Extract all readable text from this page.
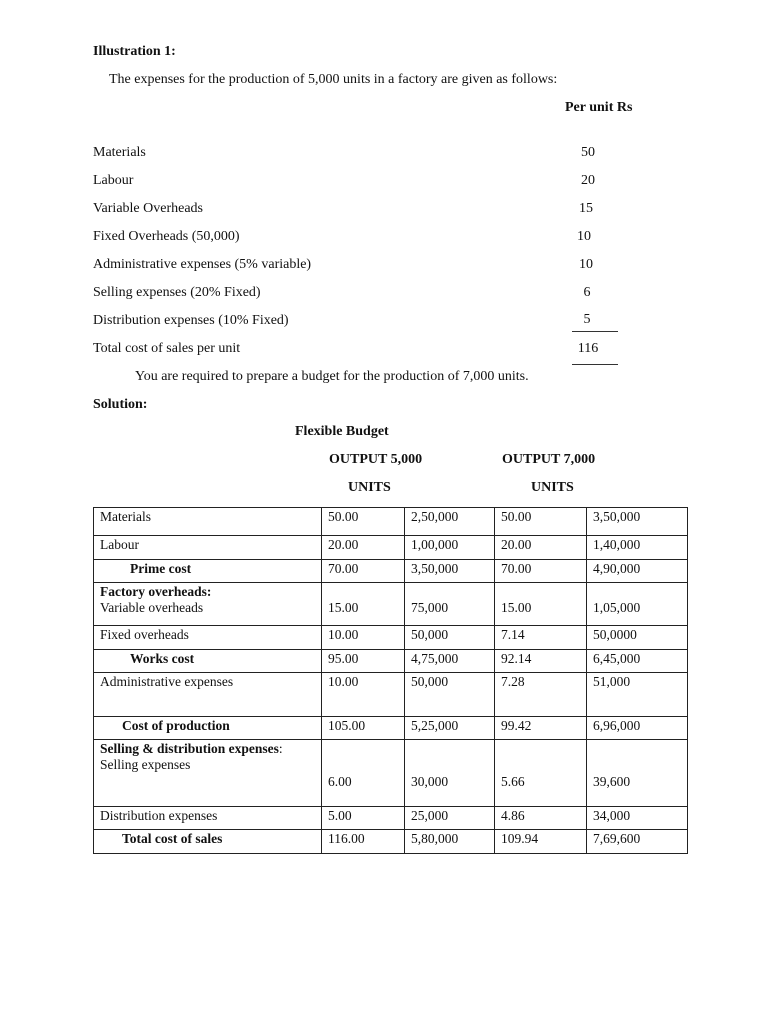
Illustration 1:
The expenses for the production of 5,000 units in a factory are given as follows:
Per unit Rs
Materials	50
Labour	20
Variable Overheads	15
Fixed Overheads (50,000)	10
Administrative expenses (5% variable)	10
Selling expenses (20% Fixed)	6
Distribution expenses (10% Fixed)	5
Total cost of sales per unit	116
You are required to prepare a budget for the production of 7,000 units.
Solution:
Flexible Budget
OUTPUT 5,000
UNITS
OUTPUT 7,000
UNITS
Materials	50.00	2,50,000	50.00	3,50,000
Labour	20.00	1,00,000	20.00	1,40,000
Prime cost	70.00	3,50,000	70.00	4,90,000

Factory overheads:
Variable overheads	15.00	75,000	15.00	1,05,000
Fixed overheads	10.00	50,000	7.14	50,0000
Works cost	95.00	4,75,000	92.14	6,45,000
Administrative expenses	10.00	50,000	7.28	51,000
Cost of production	105.00	5,25,000	99.42	6,96,000

Selling & distribution expenses:
Selling expenses	6.00	30,000	5.66	39,600
Distribution expenses	5.00	25,000	4.86	34,000
Total cost of sales	116.00	5,80,000	109.94	7,69,600
